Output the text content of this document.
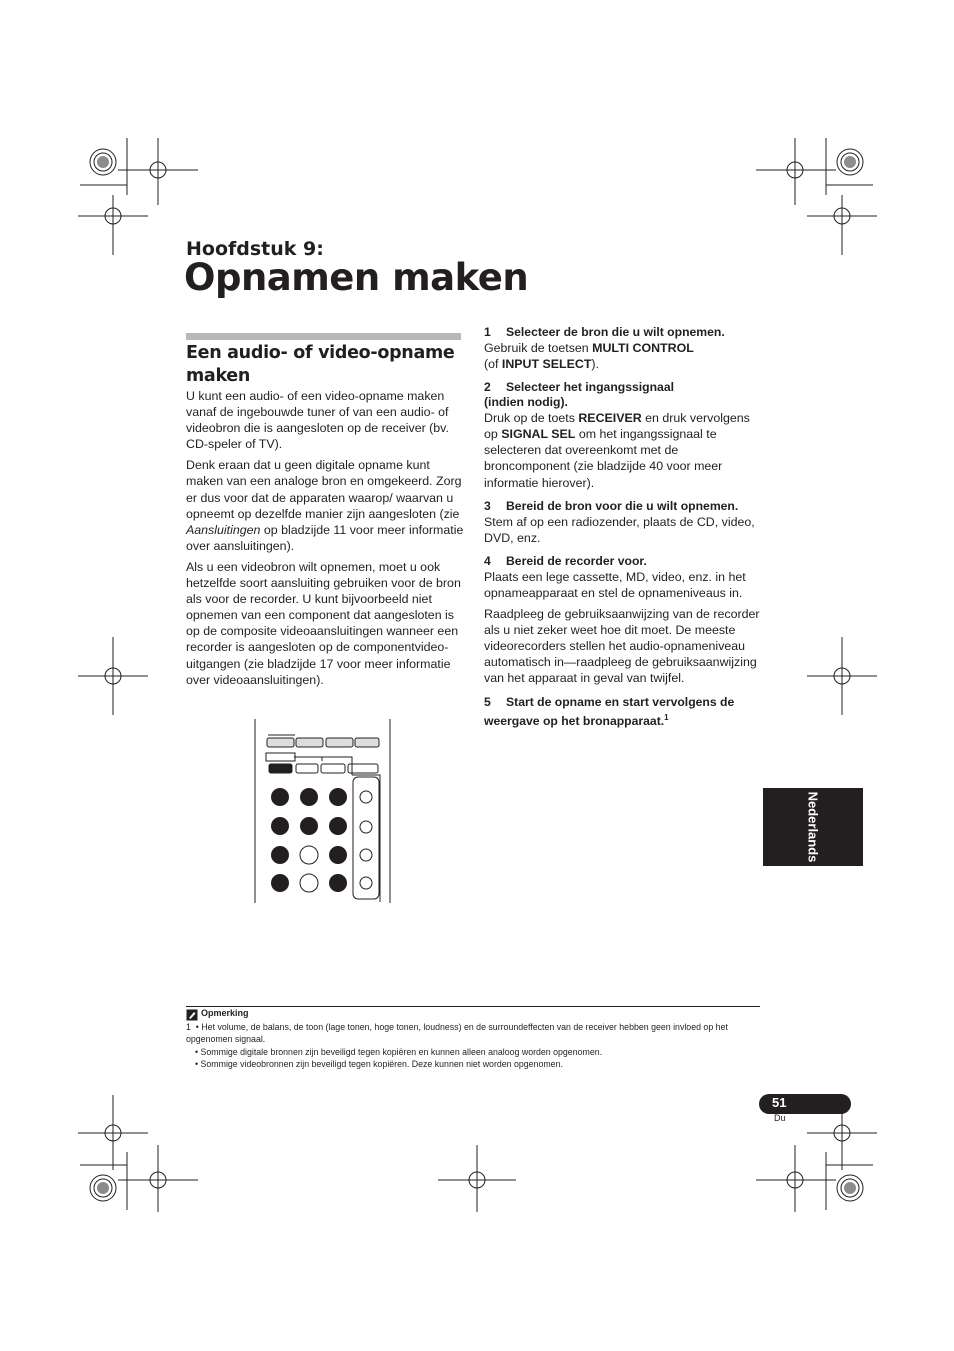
Hoofdstuk 9:
Opnamen maken
Een audio- of video-opname maken

U kunt een audio- of een video-opname maken vanaf de ingebouwde tuner of van een audio- of videobron die is aangesloten op de receiver (bv. CD-speler of TV).

Denk eraan dat u geen digitale opname kunt maken van een analoge bron en omgekeerd. Zorg er dus voor dat de apparaten waarop/ waarvan u opneemt op dezelfde manier zijn aangesloten (zie Aansluitingen op bladzijde 11 voor meer informatie over aansluitingen).

Als u een videobron wilt opnemen, moet u ook hetzelfde soort aansluiting gebruiken voor de bron als voor de recorder. U kunt bijvoorbeeld niet opnemen van een component dat aangesloten is op de composite videoaansluitingen wanneer een recorder is aangesloten op de componentvideo-uitgangen (zie bladzijde 17 voor meer informatie over videoaansluitingen).

1 Selecteer de bron die u wilt opnemen.

Gebruik de toetsen MULTI CONTROL
(of INPUT SELECT).

2 Selecteer het ingangssignaal (indien nodig).

Druk op de toets RECEIVER en druk vervolgens op SIGNAL SEL om het ingangssignaal te selecteren dat overeenkomt met de broncomponent (zie bladzijde 40 voor meer informatie hierover).

3 Bereid de bron voor die u wilt opnemen.

Stem af op een radiozender, plaats de CD, video, DVD, enz.

4 Bereid de recorder voor.

Plaats een lege cassette, MD, video, enz. in het opnameapparaat en stel de opnameniveaus in.

Raadpleeg de gebruiksaanwijzing van de recorder als u niet zeker weet hoe dit moet. De meeste videorecorders stellen het audio-opnameniveau automatisch in—raadpleeg de gebruiksaanwijzing van het apparaat in geval van twijfel.

5 Start de opname en start vervolgens de weergave op het bronapparaat.$^1$
Nederlands
Opmerking
1 • Het volume, de balans, de toon (lage tonen, hoge tonen, loudness) en de surroundeffecten van de receiver hebben geen invloed op het opgenomen signaal.
• Sommige digitale bronnen zijn beveiligd tegen kopiëren en kunnen alleen analoog worden opgenomen.
• Sommige videobronnen zijn beveiligd tegen kopiëren. Deze kunnen niet worden opgenomen.
51
Du
